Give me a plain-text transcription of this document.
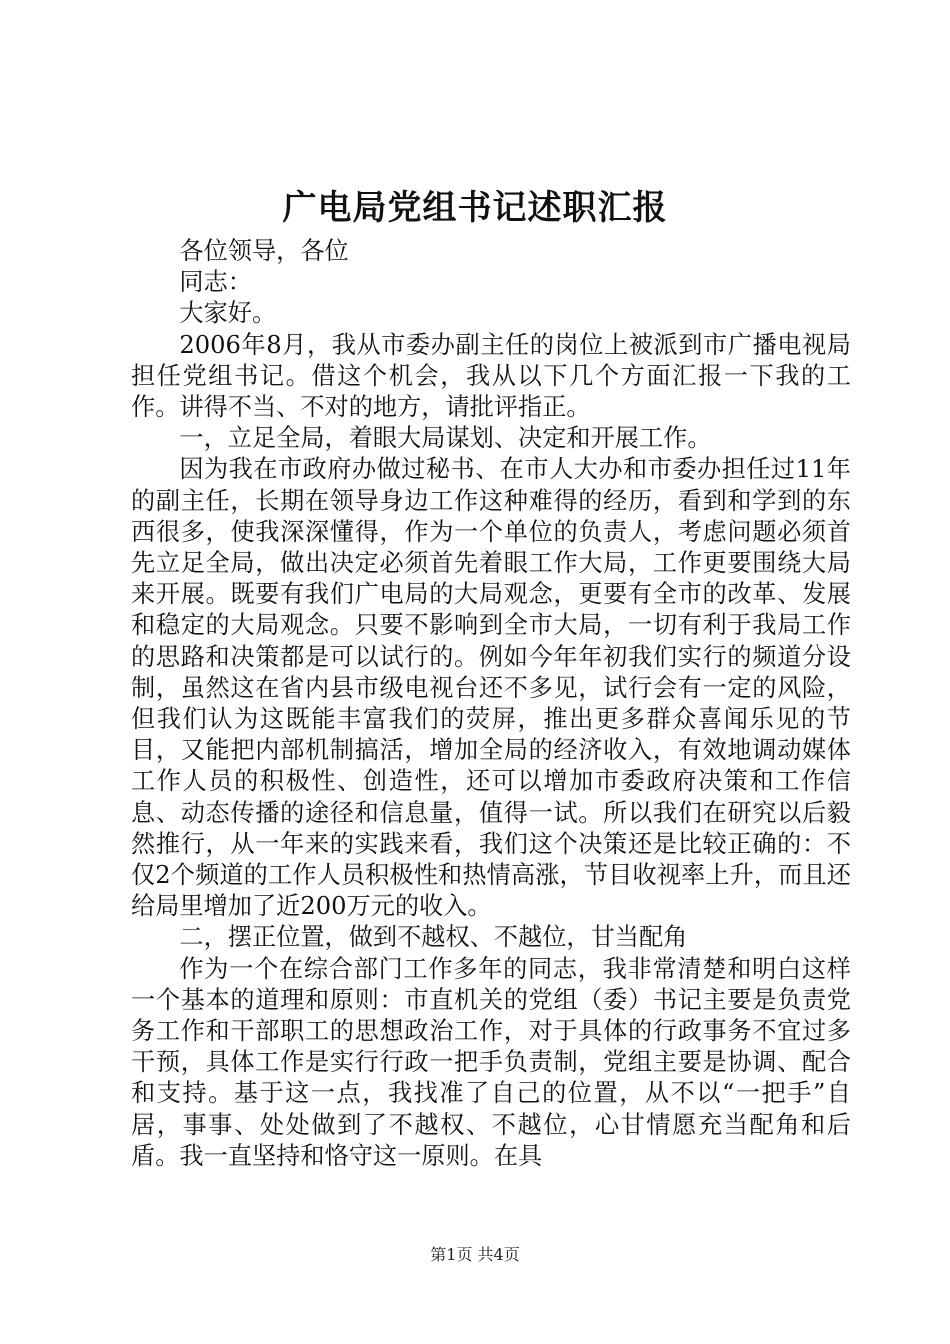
广电局党组书记述职汇报

各位领导，各位

同志：

大家好。

2006年8月，我从市委办副主任的岗位上被派到市广播电视局担任党组书记。借这个机会，我从以下几个方面汇报一下我的工作。讲得不当、不对的地方，请批评指正。

一，立足全局，着眼大局谋划、决定和开展工作。

因为我在市政府办做过秘书、在市人大办和市委办担任过11年的副主任，长期在领导身边工作这种难得的经历，看到和学到的东西很多，使我深深懂得，作为一个单位的负责人，考虑问题必须首先立足全局，做出决定必须首先着眼工作大局，工作更要围绕大局来开展。既要有我们广电局的大局观念，更要有全市的改革、发展和稳定的大局观念。只要不影响到全市大局，一切有利于我局工作的思路和决策都是可以试行的。例如今年年初我们实行的频道分设制，虽然这在省内县市级电视台还不多见，试行会有一定的风险，但我们认为这既能丰富我们的荧屏，推出更多群众喜闻乐见的节目，又能把内部机制搞活，增加全局的经济收入，有效地调动媒体工作人员的积极性、创造性，还可以增加市委政府决策和工作信息、动态传播的途径和信息量，值得一试。所以我们在研究以后毅然推行，从一年来的实践来看，我们这个决策还是比较正确的：不仅2个频道的工作人员积极性和热情高涨，节目收视率上升，而且还给局里增加了近200万元的收入。

二，摆正位置，做到不越权、不越位，甘当配角

作为一个在综合部门工作多年的同志，我非常清楚和明白这样一个基本的道理和原则：市直机关的党组（委）书记主要是负责党务工作和干部职工的思想政治工作，对于具体的行政事务不宜过多干预，具体工作是实行行政一把手负责制，党组主要是协调、配合和支持。基于这一点，我找准了自己的位置，从不以“一把手”自居，事事、处处做到了不越权、不越位，心甘情愿充当配角和后盾。我一直坚持和恪守这一原则。在具

第1页 共4页
